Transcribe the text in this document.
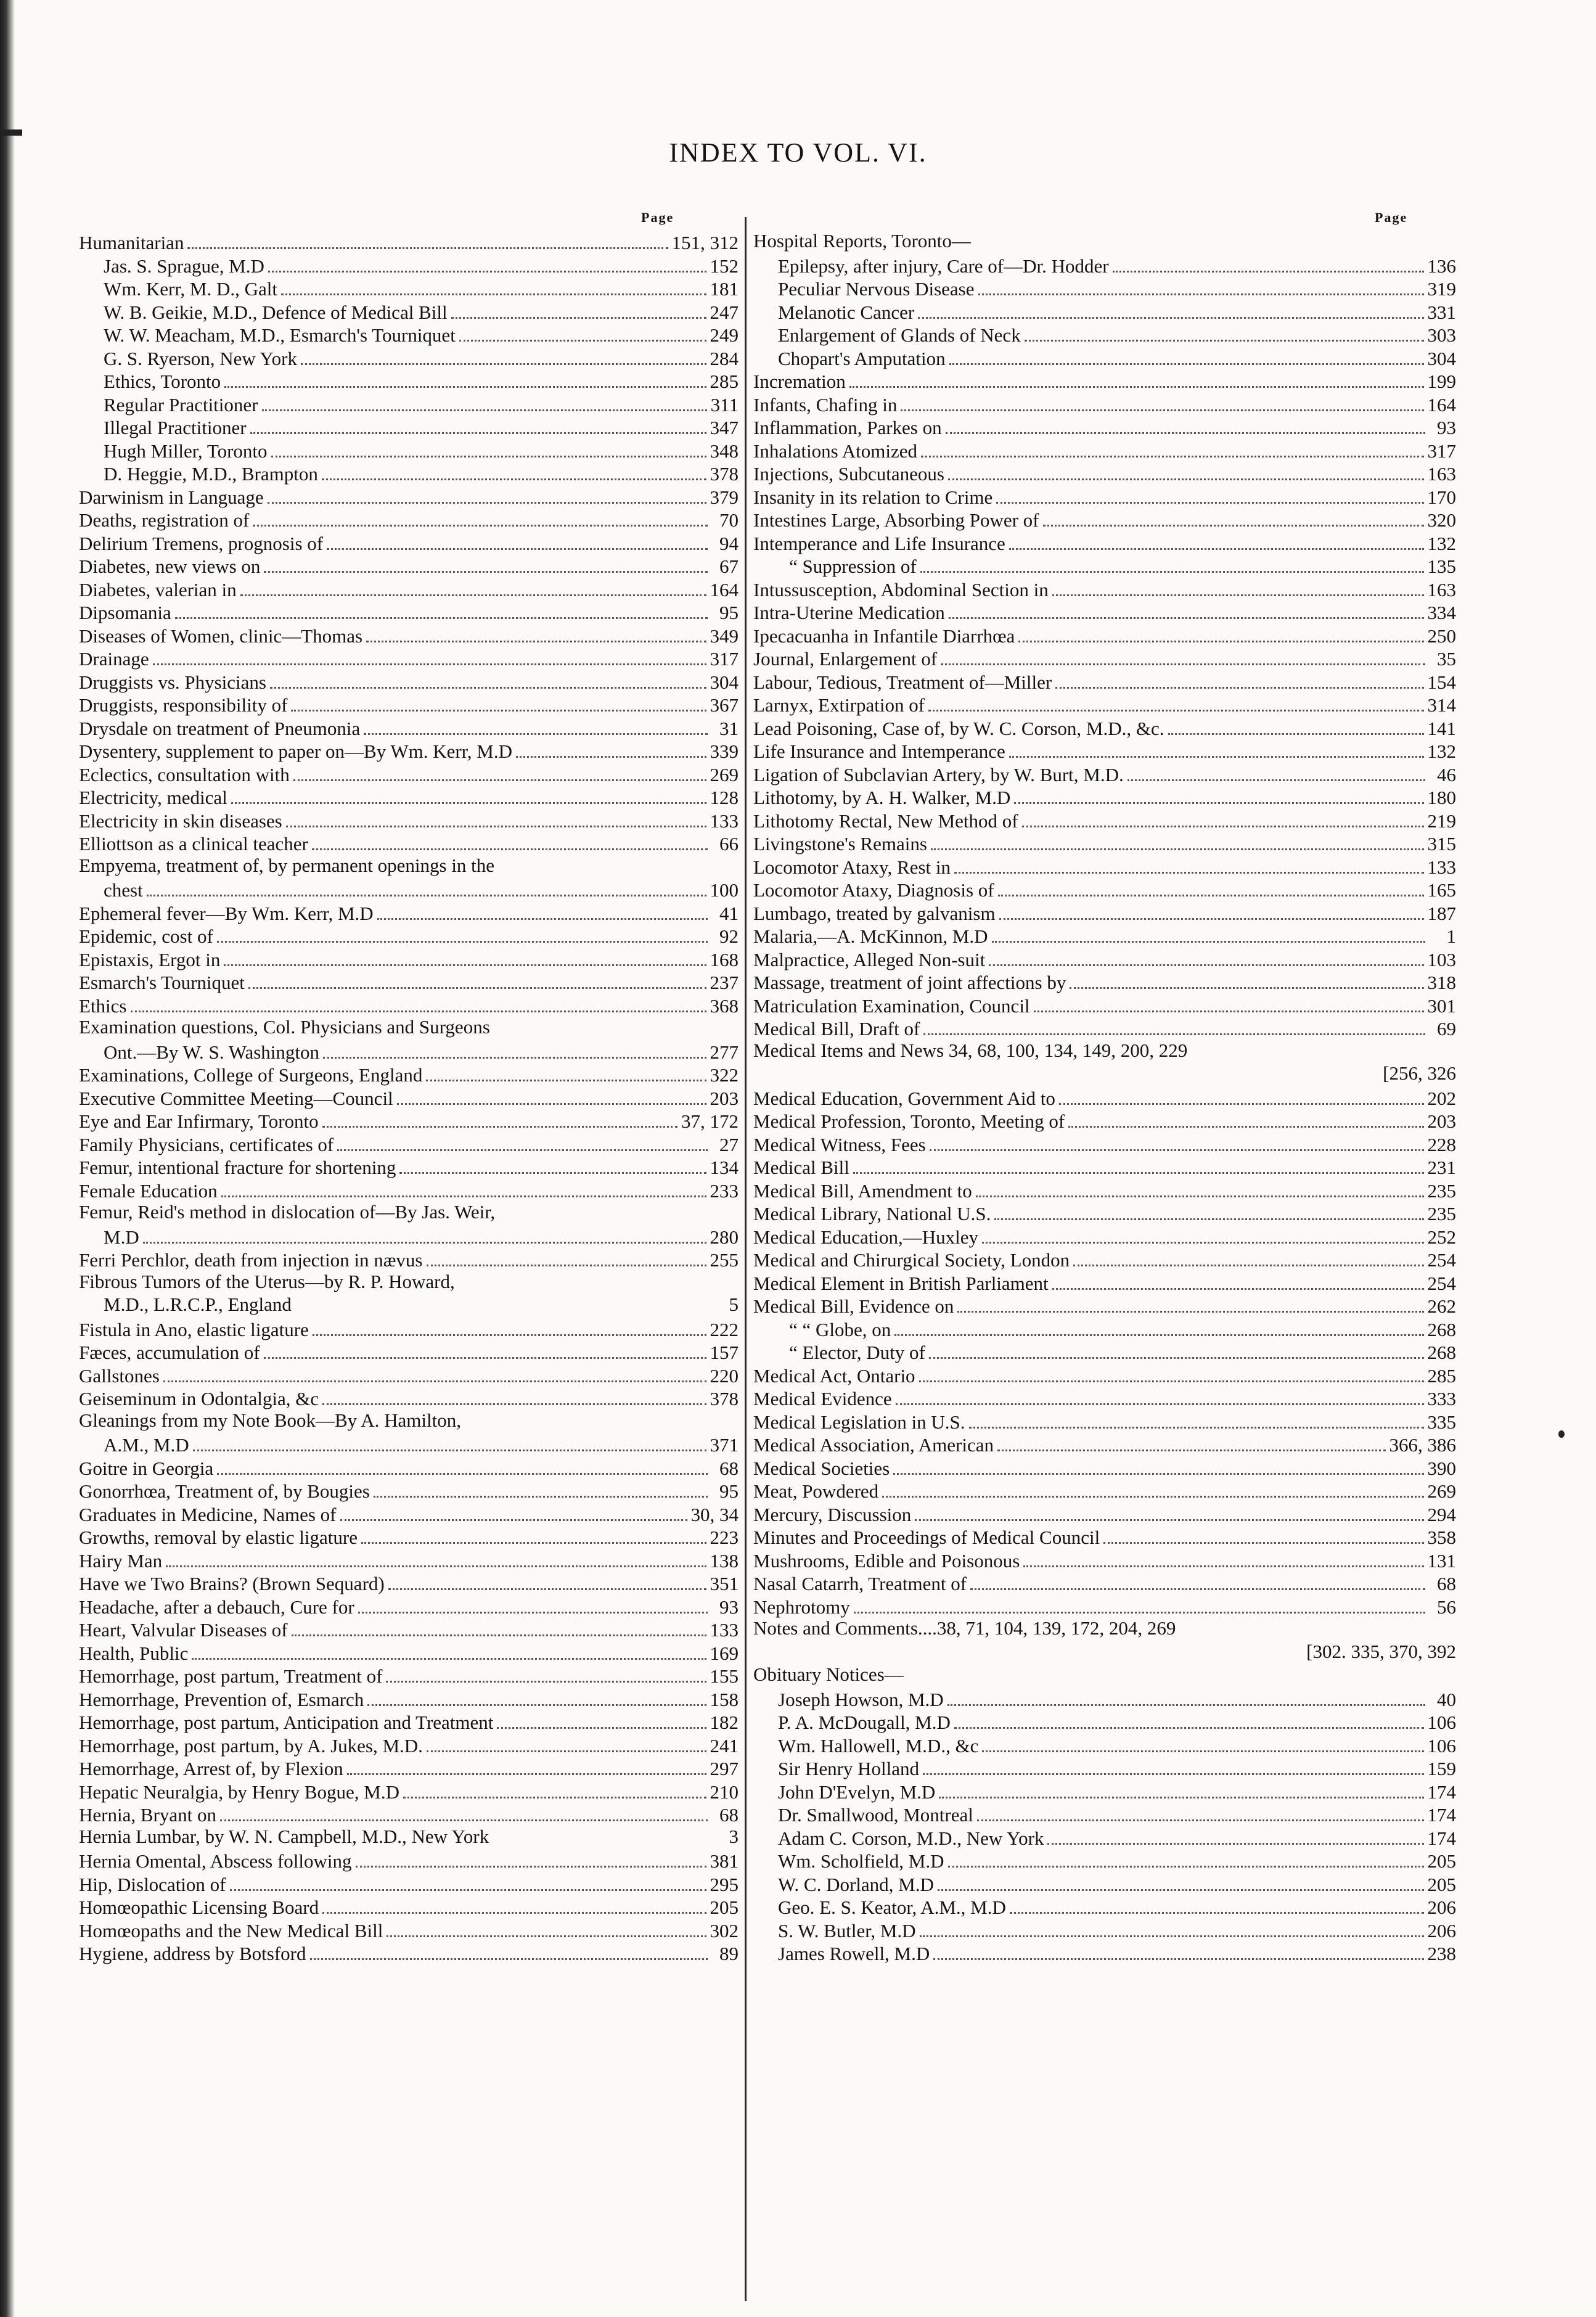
INDEX TO VOL. VI.
Page	Page
Humanitarian	151, 312
Jas. S. Sprague, M.D	152
Wm. Kerr, M. D., Galt	181
W. B. Geikie, M.D., Defence of Medical Bill	247
W. W. Meacham, M.D., Esmarch's Tourniquet	249
G. S. Ryerson, New York	284
Ethics, Toronto	285
Regular Practitioner	311
Illegal Practitioner	347
Hugh Miller, Toronto	348
D. Heggie, M.D., Brampton	378
Darwinism in Language	379
Deaths, registration of	70
Delirium Tremens, prognosis of	94
Diabetes, new views on	67
Diabetes, valerian in	164
Dipsomania	95
Diseases of Women, clinic—Thomas	349
Drainage	317
Druggists vs. Physicians	304
Druggists, responsibility of	367
Drysdale on treatment of Pneumonia	31
Dysentery, supplement to paper on—By Wm. Kerr, M.D	339
Eclectics, consultation with	269
Electricity, medical	128
Electricity in skin diseases	133
Elliottson as a clinical teacher	66
Empyema, treatment of, by permanent openings in the
chest	100
Ephemeral fever—By Wm. Kerr, M.D	41
Epidemic, cost of	92
Epistaxis, Ergot in	168
Esmarch's Tourniquet	237
Ethics	368
Examination questions, Col. Physicians and Surgeons
Ont.—By W. S. Washington	277
Examinations, College of Surgeons, England	322
Executive Committee Meeting—Council	203
Eye and Ear Infirmary, Toronto	37, 172
Family Physicians, certificates of	27
Femur, intentional fracture for shortening	134
Female Education	233
Femur, Reid's method in dislocation of—By Jas. Weir,
M.D	280
Ferri Perchlor, death from injection in nævus	255
Fibrous Tumors of the Uterus—by R. P. Howard,
M.D., L.R.C.P., England	5
Fistula in Ano, elastic ligature	222
Fæces, accumulation of	157
Gallstones	220
Geiseminum in Odontalgia, &c	378
Gleanings from my Note Book—By A. Hamilton,
A.M., M.D	371
Goitre in Georgia	68
Gonorrhœa, Treatment of, by Bougies	95
Graduates in Medicine, Names of	30, 34
Growths, removal by elastic ligature	223
Hairy Man	138
Have we Two Brains? (Brown Sequard)	351
Headache, after a debauch, Cure for	93
Heart, Valvular Diseases of	133
Health, Public	169
Hemorrhage, post partum, Treatment of	155
Hemorrhage, Prevention of, Esmarch	158
Hemorrhage, post partum, Anticipation and Treatment	182
Hemorrhage, post partum, by A. Jukes, M.D.	241
Hemorrhage, Arrest of, by Flexion	297
Hepatic Neuralgia, by Henry Bogue, M.D	210
Hernia, Bryant on	68
Hernia Lumbar, by W. N. Campbell, M.D., New York	3
Hernia Omental, Abscess following	381
Hip, Dislocation of	295
Homœopathic Licensing Board	205
Homœopaths and the New Medical Bill	302
Hygiene, address by Botsford	89
Hospital Reports, Toronto—
Epilepsy, after injury, Care of—Dr. Hodder	136
Peculiar Nervous Disease	319
Melanotic Cancer	331
Enlargement of Glands of Neck	303
Chopart's Amputation	304
Incremation	199
Infants, Chafing in	164
Inflammation, Parkes on	93
Inhalations Atomized	317
Injections, Subcutaneous	163
Insanity in its relation to Crime	170
Intestines Large, Absorbing Power of	320
Intemperance and Life Insurance	132
“ Suppression of	135
Intussusception, Abdominal Section in	163
Intra-Uterine Medication	334
Ipecacuanha in Infantile Diarrhœa	250
Journal, Enlargement of	35
Labour, Tedious, Treatment of—Miller	154
Larnyx, Extirpation of	314
Lead Poisoning, Case of, by W. C. Corson, M.D., &c.	141
Life Insurance and Intemperance	132
Ligation of Subclavian Artery, by W. Burt, M.D.	46
Lithotomy, by A. H. Walker, M.D	180
Lithotomy Rectal, New Method of	219
Livingstone's Remains	315
Locomotor Ataxy, Rest in	133
Locomotor Ataxy, Diagnosis of	165
Lumbago, treated by galvanism	187
Malaria,—A. McKinnon, M.D	1
Malpractice, Alleged Non-suit	103
Massage, treatment of joint affections by	318
Matriculation Examination, Council	301
Medical Bill, Draft of	69
Medical Items and News 34, 68, 100, 134, 149, 200, 229
[256, 326
Medical Education, Government Aid to	202
Medical Profession, Toronto, Meeting of	203
Medical Witness, Fees	228
Medical Bill	231
Medical Bill, Amendment to	235
Medical Library, National U.S.	235
Medical Education,—Huxley	252
Medical and Chirurgical Society, London	254
Medical Element in British Parliament	254
Medical Bill, Evidence on	262
“ “ Globe, on	268
“ Elector, Duty of	268
Medical Act, Ontario	285
Medical Evidence	333
Medical Legislation in U.S.	335
Medical Association, American	366, 386
Medical Societies	390
Meat, Powdered	269
Mercury, Discussion	294
Minutes and Proceedings of Medical Council	358
Mushrooms, Edible and Poisonous	131
Nasal Catarrh, Treatment of	68
Nephrotomy	56
Notes and Comments....38, 71, 104, 139, 172, 204, 269
[302. 335, 370, 392
Obituary Notices—
Joseph Howson, M.D	40
P. A. McDougall, M.D	106
Wm. Hallowell, M.D., &c	106
Sir Henry Holland	159
John D'Evelyn, M.D	174
Dr. Smallwood, Montreal	174
Adam C. Corson, M.D., New York	174
Wm. Scholfield, M.D	205
W. C. Dorland, M.D	205
Geo. E. S. Keator, A.M., M.D	206
S. W. Butler, M.D	206
James Rowell, M.D	238
